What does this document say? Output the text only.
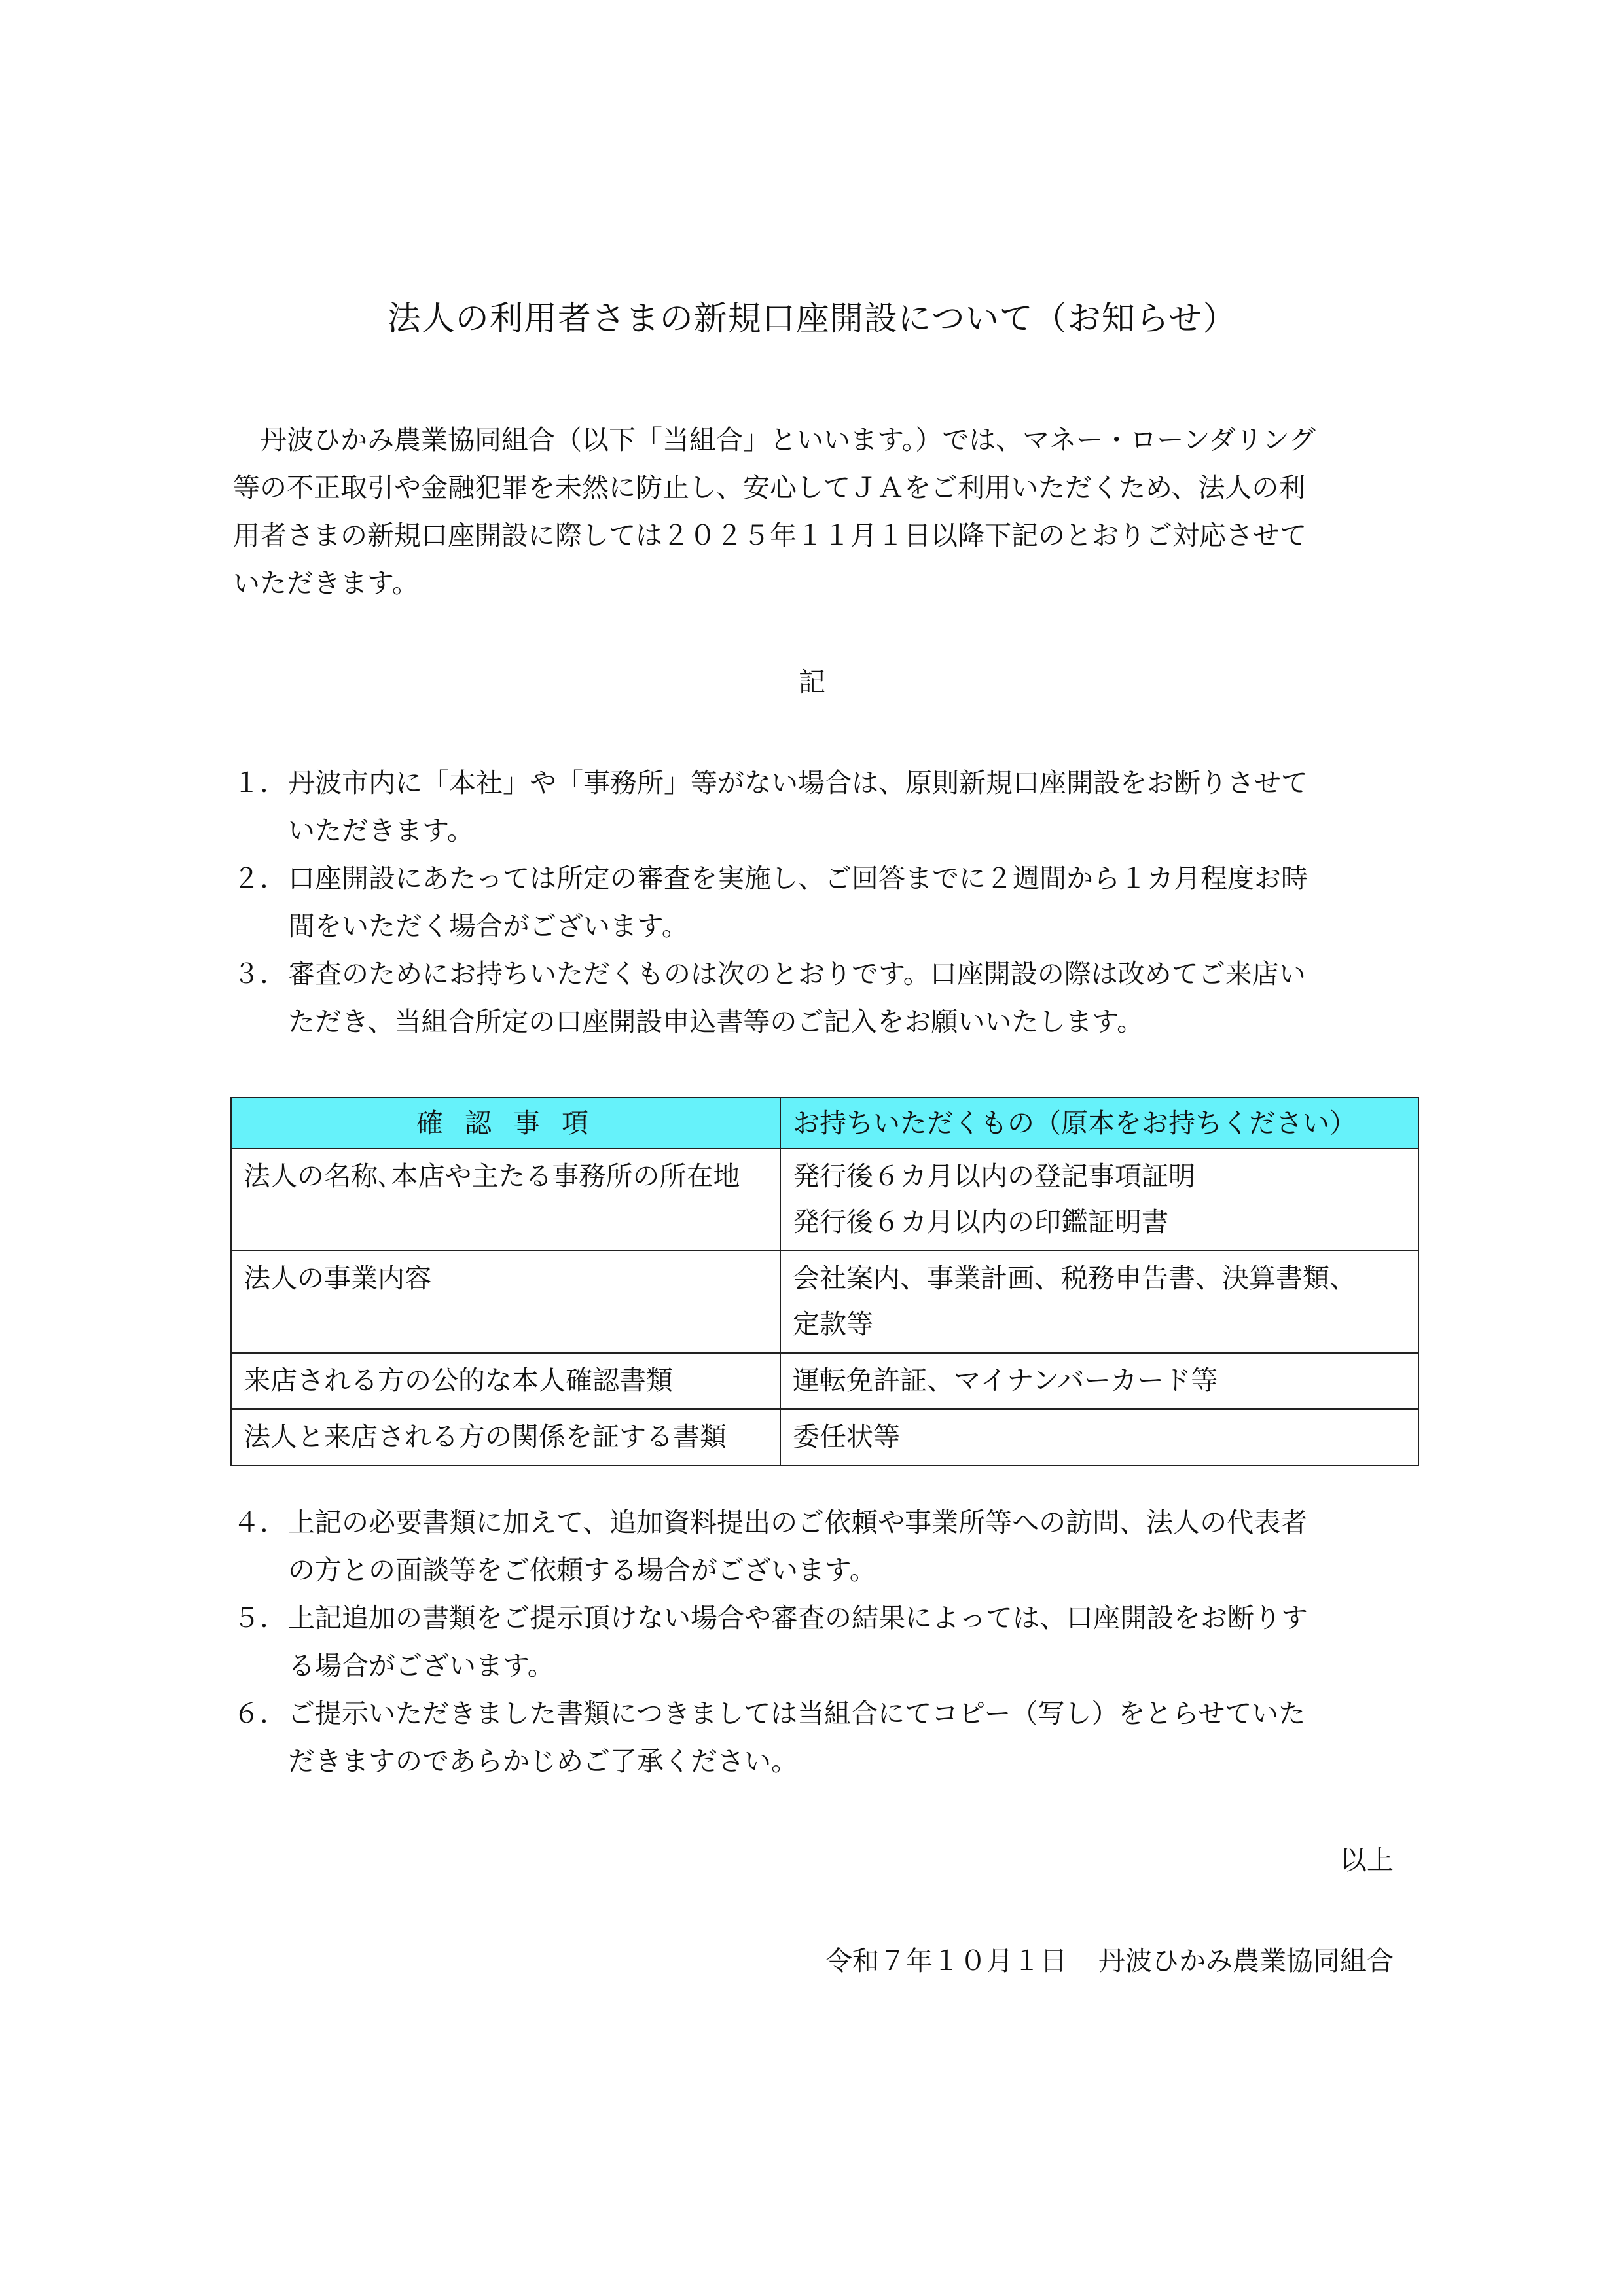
法人の利用者さまの新規口座開設について（お知らせ）
　丹波ひかみ農業協同組合（以下「当組合」といいます。）では、マネー・ローンダリング
等の不正取引や金融犯罪を未然に防止し、安心してＪＡをご利用いただくため、法人の利
用者さまの新規口座開設に際しては２０２５年１１月１日以降下記のとおりご対応させて
いただきます。
記
１． 丹波市内に「本社」や「事務所」等がない場合は、原則新規口座開設をお断りさせて
いただきます。
２． 口座開設にあたっては所定の審査を実施し、ご回答までに２週間から１カ月程度お時
間をいただく場合がございます。
３． 審査のためにお持ちいただくものは次のとおりです。口座開設の際は改めてご来店い
ただき、当組合所定の口座開設申込書等のご記入をお願いいたします。
確 認 事 項	お持ちいただくもの（原本をお持ちください）
法人の名称､本店や主たる事務所の所在地	発行後６カ月以内の登記事項証明
発行後６カ月以内の印鑑証明書

法人の事業内容	会社案内、事業計画、税務申告書、決算書類、
定款等

来店される方の公的な本人確認書類	運転免許証、マイナンバーカード等

法人と来店される方の関係を証する書類	委任状等
４． 上記の必要書類に加えて、追加資料提出のご依頼や事業所等への訪問、法人の代表者
の方との面談等をご依頼する場合がございます。
５． 上記追加の書類をご提示頂けない場合や審査の結果によっては、口座開設をお断りす
る場合がございます。
６． ご提示いただきました書類につきましては当組合にてコピー（写し）をとらせていた
だきますのであらかじめご了承ください。
以上
令和７年１０月１日 丹波ひかみ農業協同組合
